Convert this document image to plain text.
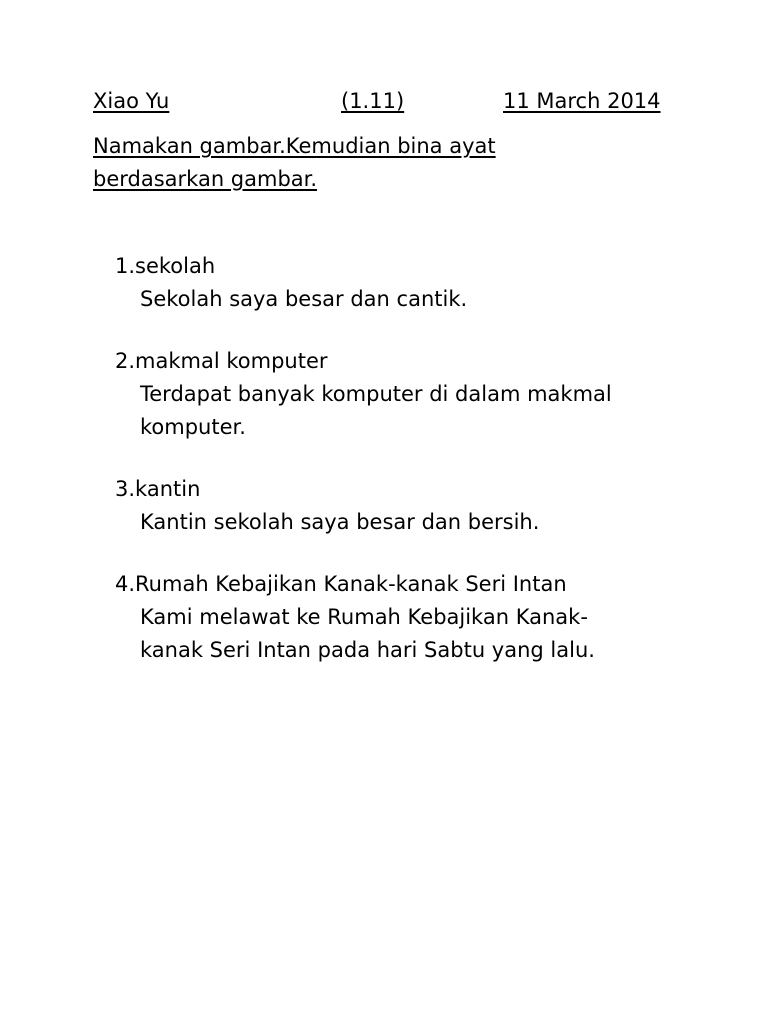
Xiao Yu	(1.11)	11 March 2014
Namakan gambar.Kemudian bina ayat
berdasarkan gambar.
1.sekolah
Sekolah saya besar dan cantik.
2.makmal komputer
Terdapat banyak komputer di dalam makmal
komputer.
3.kantin
Kantin sekolah saya besar dan bersih.
4.Rumah Kebajikan Kanak-kanak Seri Intan
Kami melawat ke Rumah Kebajikan Kanak-
kanak Seri Intan pada hari Sabtu yang lalu.
